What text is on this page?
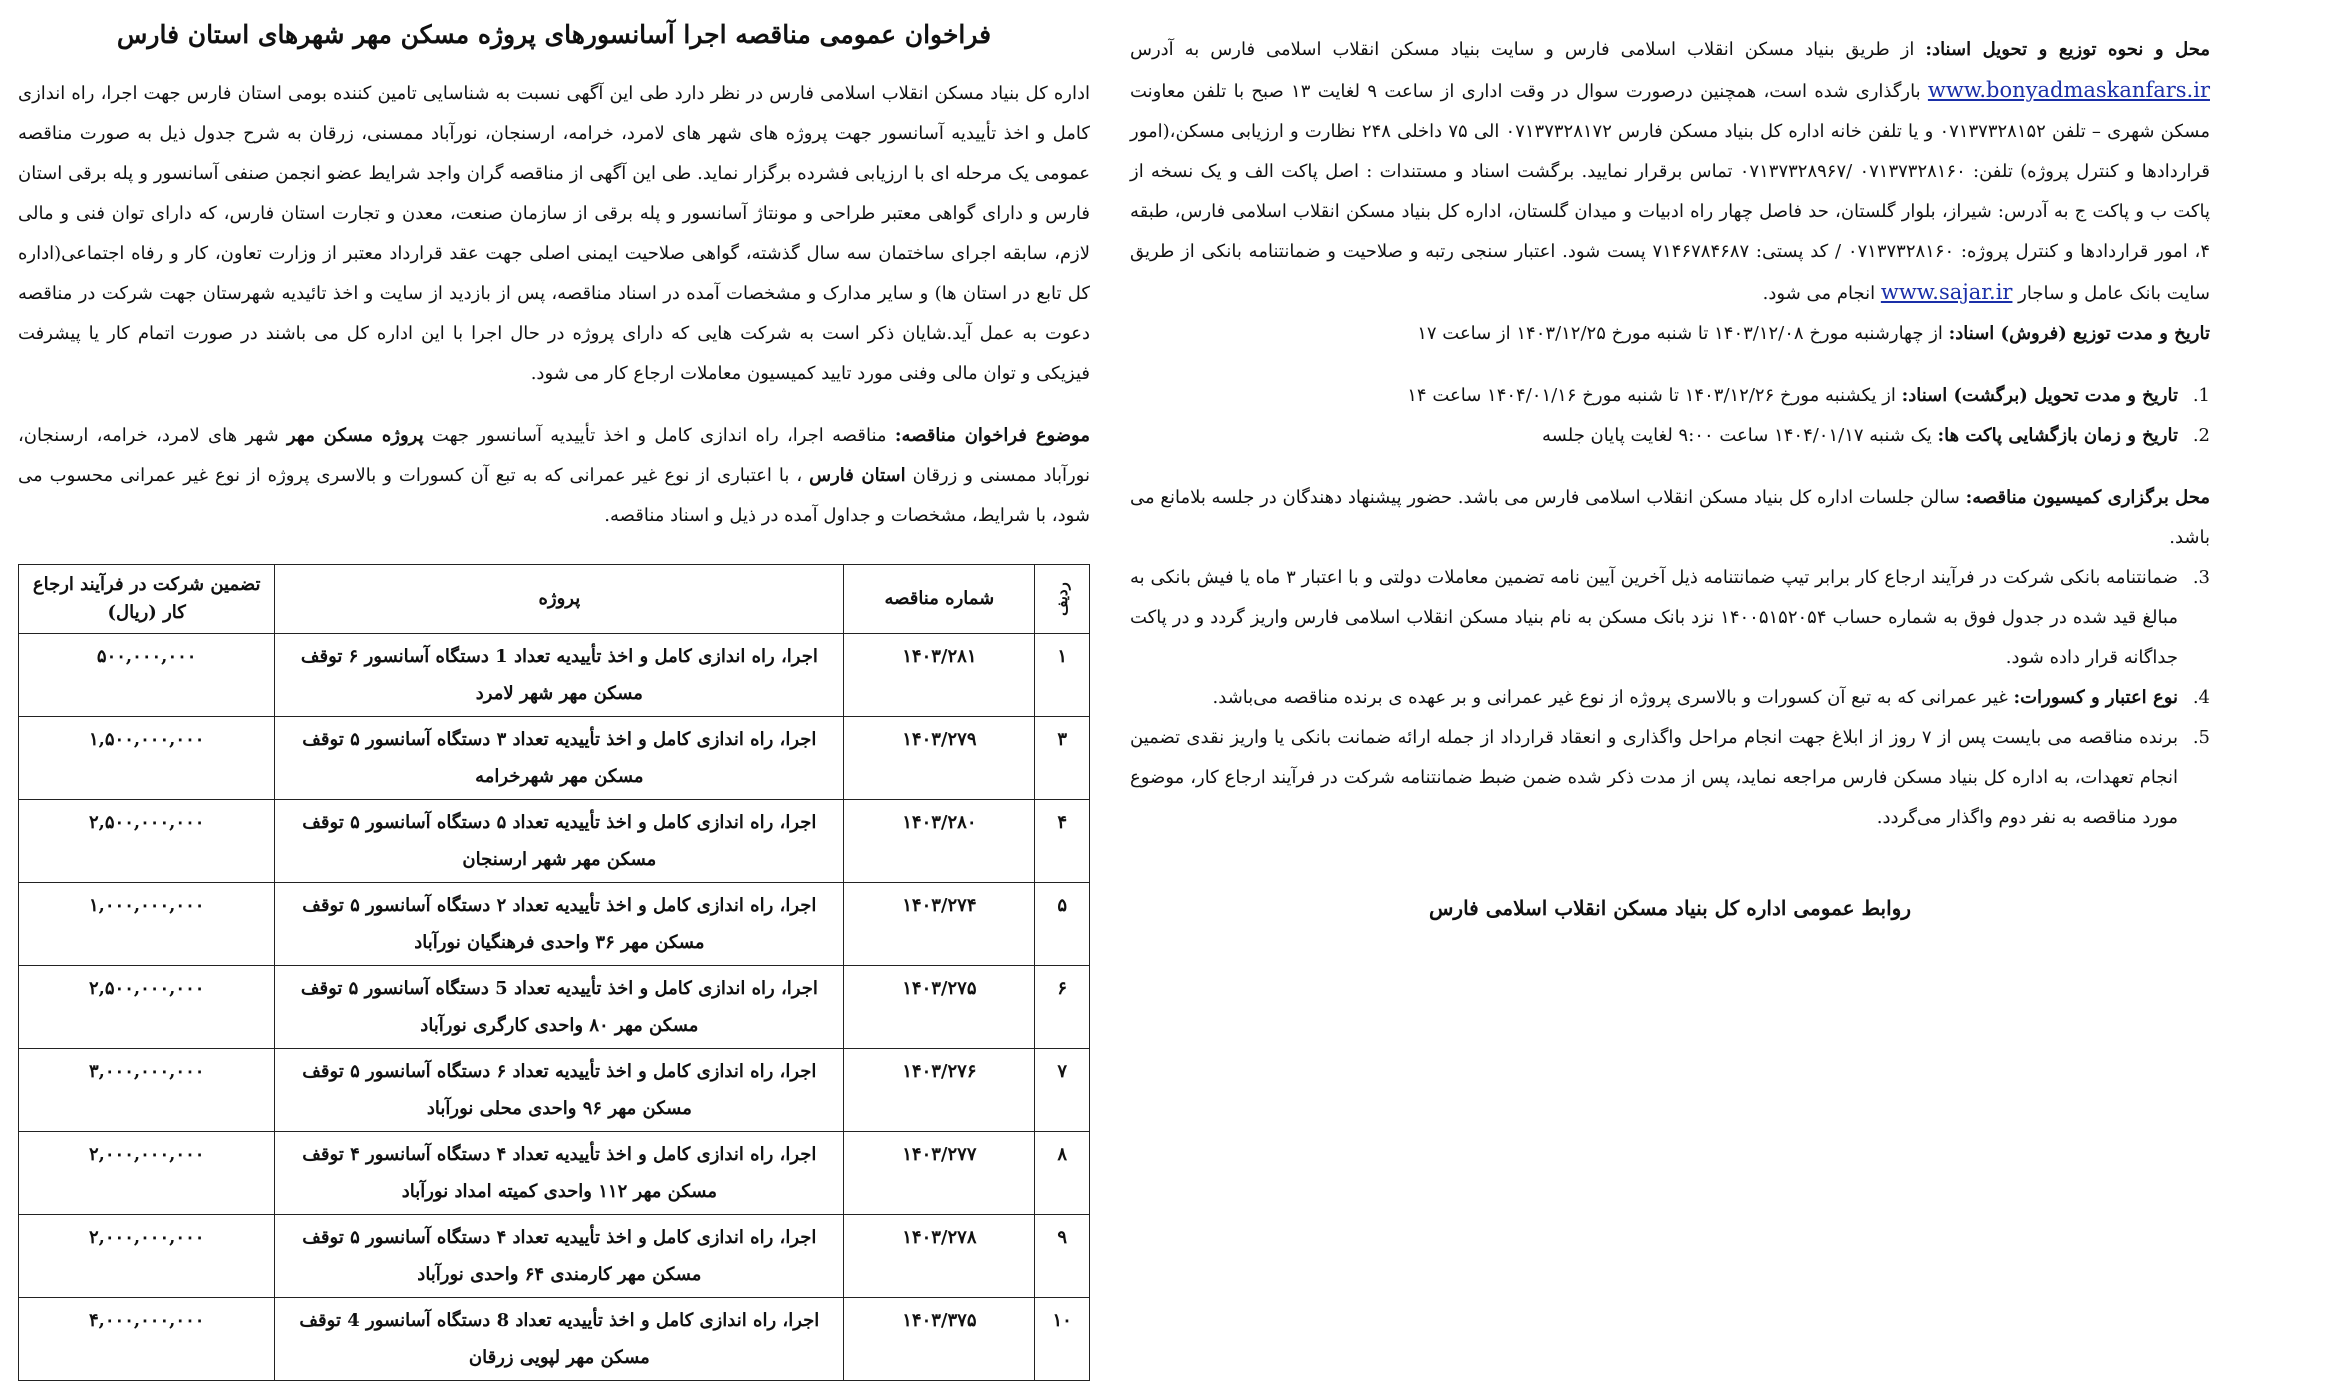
فراخوان عمومی مناقصه اجرا آسانسورهای پروژه مسکن مهر شهرهای استان فارس

اداره کل بنیاد مسکن انقلاب اسلامی فارس در نظر دارد طی این آگهی نسبت به شناسایی تامین کننده بومی استان فارس جهت اجرا، راه اندازی کامل و اخذ تأییدیه آسانسور جهت پروژه های شهر های لامرد، خرامه، ارسنجان، نورآباد ممسنی، زرقان به شرح جدول ذیل به صورت مناقصه عمومی یک مرحله ای با ارزیابی فشرده برگزار نماید. طی این آگهی از مناقصه گران واجد شرایط عضو انجمن صنفی آسانسور و پله برقی استان فارس و دارای گواهی معتبر طراحی و مونتاژ آسانسور و پله برقی از سازمان صنعت، معدن و تجارت استان فارس، که دارای توان فنی و مالی لازم، سابقه اجرای ساختمان سه سال گذشته، گواهی صلاحیت ایمنی اصلی جهت عقد قرارداد معتبر از وزارت تعاون، کار و رفاه اجتماعی(اداره کل تابع در استان ها) و سایر مدارک و مشخصات آمده در اسناد مناقصه، پس از بازدید از سایت و اخذ تائیدیه شهرستان جهت شرکت در مناقصه دعوت به عمل آید.شایان ذکر است به شرکت هایی که دارای پروژه در حال اجرا با این اداره کل می باشند در صورت اتمام کار یا پیشرفت فیزیکی و توان مالی وفنی مورد تایید کمیسیون معاملات ارجاع کار می شود.

موضوع فراخوان مناقصه: مناقصه اجرا، راه اندازی کامل و اخذ تأییدیه آسانسور جهت پروژه مسکن مهر شهر های لامرد، خرامه، ارسنجان، نورآباد ممسنی و زرقان استان فارس ، با اعتباری از نوع غیر عمرانی که به تبع آن کسورات و بالاسری پروژه از نوع غیر عمرانی محسوب می شود، با شرایط، مشخصات و جداول آمده در ذیل و اسناد مناقصه.

ردیف	شماره مناقصه	پروژه	تضمین شرکت در فرآیند ارجاع کار (ریال)
۱	۱۴۰۳/۲۸۱	اجرا، راه اندازی کامل و اخذ تأییدیه تعداد 1 دستگاه آسانسور ۶ توقف مسکن مهر شهر لامرد	۵۰۰,۰۰۰,۰۰۰
۳	۱۴۰۳/۲۷۹	اجرا، راه اندازی کامل و اخذ تأییدیه تعداد ۳ دستگاه آسانسور ۵ توقف مسکن مهر شهرخرامه	۱,۵۰۰,۰۰۰,۰۰۰
۴	۱۴۰۳/۲۸۰	اجرا، راه اندازی کامل و اخذ تأییدیه تعداد ۵ دستگاه آسانسور ۵ توقف مسکن مهر شهر ارسنجان	۲,۵۰۰,۰۰۰,۰۰۰
۵	۱۴۰۳/۲۷۴	اجرا، راه اندازی کامل و اخذ تأییدیه تعداد ۲ دستگاه آسانسور ۵ توقف مسکن مهر ۳۶ واحدی فرهنگیان نورآباد	۱,۰۰۰,۰۰۰,۰۰۰
۶	۱۴۰۳/۲۷۵	اجرا، راه اندازی کامل و اخذ تأییدیه تعداد 5 دستگاه آسانسور ۵ توقف مسکن مهر ۸۰ واحدی کارگری نورآباد	۲,۵۰۰,۰۰۰,۰۰۰
۷	۱۴۰۳/۲۷۶	اجرا، راه اندازی کامل و اخذ تأییدیه تعداد ۶ دستگاه آسانسور ۵ توقف مسکن مهر ۹۶ واحدی محلی نورآباد	۳,۰۰۰,۰۰۰,۰۰۰
۸	۱۴۰۳/۲۷۷	اجرا، راه اندازی کامل و اخذ تأییدیه تعداد ۴ دستگاه آسانسور ۴ توقف مسکن مهر ۱۱۲ واحدی کمیته امداد نورآباد	۲,۰۰۰,۰۰۰,۰۰۰
۹	۱۴۰۳/۲۷۸	اجرا، راه اندازی کامل و اخذ تأییدیه تعداد ۴ دستگاه آسانسور ۵ توقف مسکن مهر کارمندی ۶۴ واحدی نورآباد	۲,۰۰۰,۰۰۰,۰۰۰
۱۰	۱۴۰۳/۳۷۵	اجرا، راه اندازی کامل و اخذ تأییدیه تعداد 8 دستگاه آسانسور 4 توقف مسکن مهر لپویی زرقان	۴,۰۰۰,۰۰۰,۰۰۰

محل و نحوه توزیع و تحویل اسناد: از طریق بنیاد مسکن انقلاب اسلامی فارس و سایت بنیاد مسکن انقلاب اسلامی فارس به آدرس www.bonyadmaskanfars.ir بارگذاری شده است، همچنین درصورت سوال در وقت اداری از ساعت ۹ لغایت ۱۳ صبح با تلفن معاونت مسکن شهری – تلفن ۰۷۱۳۷۳۲۸۱۵۲ و یا تلفن خانه اداره کل بنیاد مسکن فارس ۰۷۱۳۷۳۲۸۱۷۲ الی ۷۵ داخلی ۲۴۸ نظارت و ارزیابی مسکن،(امور قراردادها و کنترل پروژه) تلفن: ۰۷۱۳۷۳۲۸۱۶۰ /۰۷۱۳۷۳۲۸۹۶۷ تماس برقرار نمایید. برگشت اسناد و مستندات : اصل پاکت الف و یک نسخه از پاکت ب و پاکت ج به آدرس: شیراز، بلوار گلستان، حد فاصل چهار راه ادبیات و میدان گلستان، اداره کل بنیاد مسکن انقلاب اسلامی فارس، طبقه ۴، امور قراردادها و کنترل پروژه: ۰۷۱۳۷۳۲۸۱۶۰ / کد پستی: ۷۱۴۶۷۸۴۶۸۷ پست شود. اعتبار سنجی رتبه و صلاحیت و ضمانتنامه بانکی از طریق سایت بانک عامل و ساجار www.sajar.ir انجام می شود.

تاریخ و مدت توزیع (فروش) اسناد: از چهارشنبه مورخ ۱۴۰۳/۱۲/۰۸ تا شنبه مورخ ۱۴۰۳/۱۲/۲۵ از ساعت ۱۷

1.
تاریخ و مدت تحویل (برگشت) اسناد: از یکشنبه مورخ ۱۴۰۳/۱۲/۲۶ تا شنبه مورخ ۱۴۰۴/۰۱/۱۶ ساعت ۱۴
2.
تاریخ و زمان بازگشایی پاکت ها: یک شنبه ۱۴۰۴/۰۱/۱۷ ساعت ۹:۰۰ لغایت پایان جلسه

محل برگزاری کمیسیون مناقصه: سالن جلسات اداره کل بنیاد مسکن انقلاب اسلامی فارس می باشد. حضور پیشنهاد دهندگان در جلسه بلامانع می باشد.

3.
ضمانتنامه بانکی شرکت در فرآیند ارجاع کار برابر تیپ ضمانتنامه ذیل آخرین آیین نامه تضمین معاملات دولتی و با اعتبار ۳ ماه یا فیش بانکی به مبالغ قید شده در جدول فوق به شماره حساب ۱۴۰۰۵۱۵۲۰۵۴ نزد بانک مسکن به نام بنیاد مسکن انقلاب اسلامی فارس واریز گردد و در پاکت جداگانه قرار داده شود.
4.
نوع اعتبار و کسورات: غیر عمرانی که به تبع آن کسورات و بالاسری پروژه از نوع غیر عمرانی و بر عهده ی برنده مناقصه می‌باشد.
5.
برنده مناقصه می بایست پس از ۷ روز از ابلاغ جهت انجام مراحل واگذاری و انعقاد قرارداد از جمله ارائه ضمانت بانکی یا واریز نقدی تضمین انجام تعهدات، به اداره کل بنیاد مسکن فارس مراجعه نماید، پس از مدت ذکر شده ضمن ضبط ضمانتنامه شرکت در فرآیند ارجاع کار، موضوع مورد مناقصه به نفر دوم واگذار می‌گردد.
روابط عمومی اداره کل بنیاد مسکن انقلاب اسلامی فارس
